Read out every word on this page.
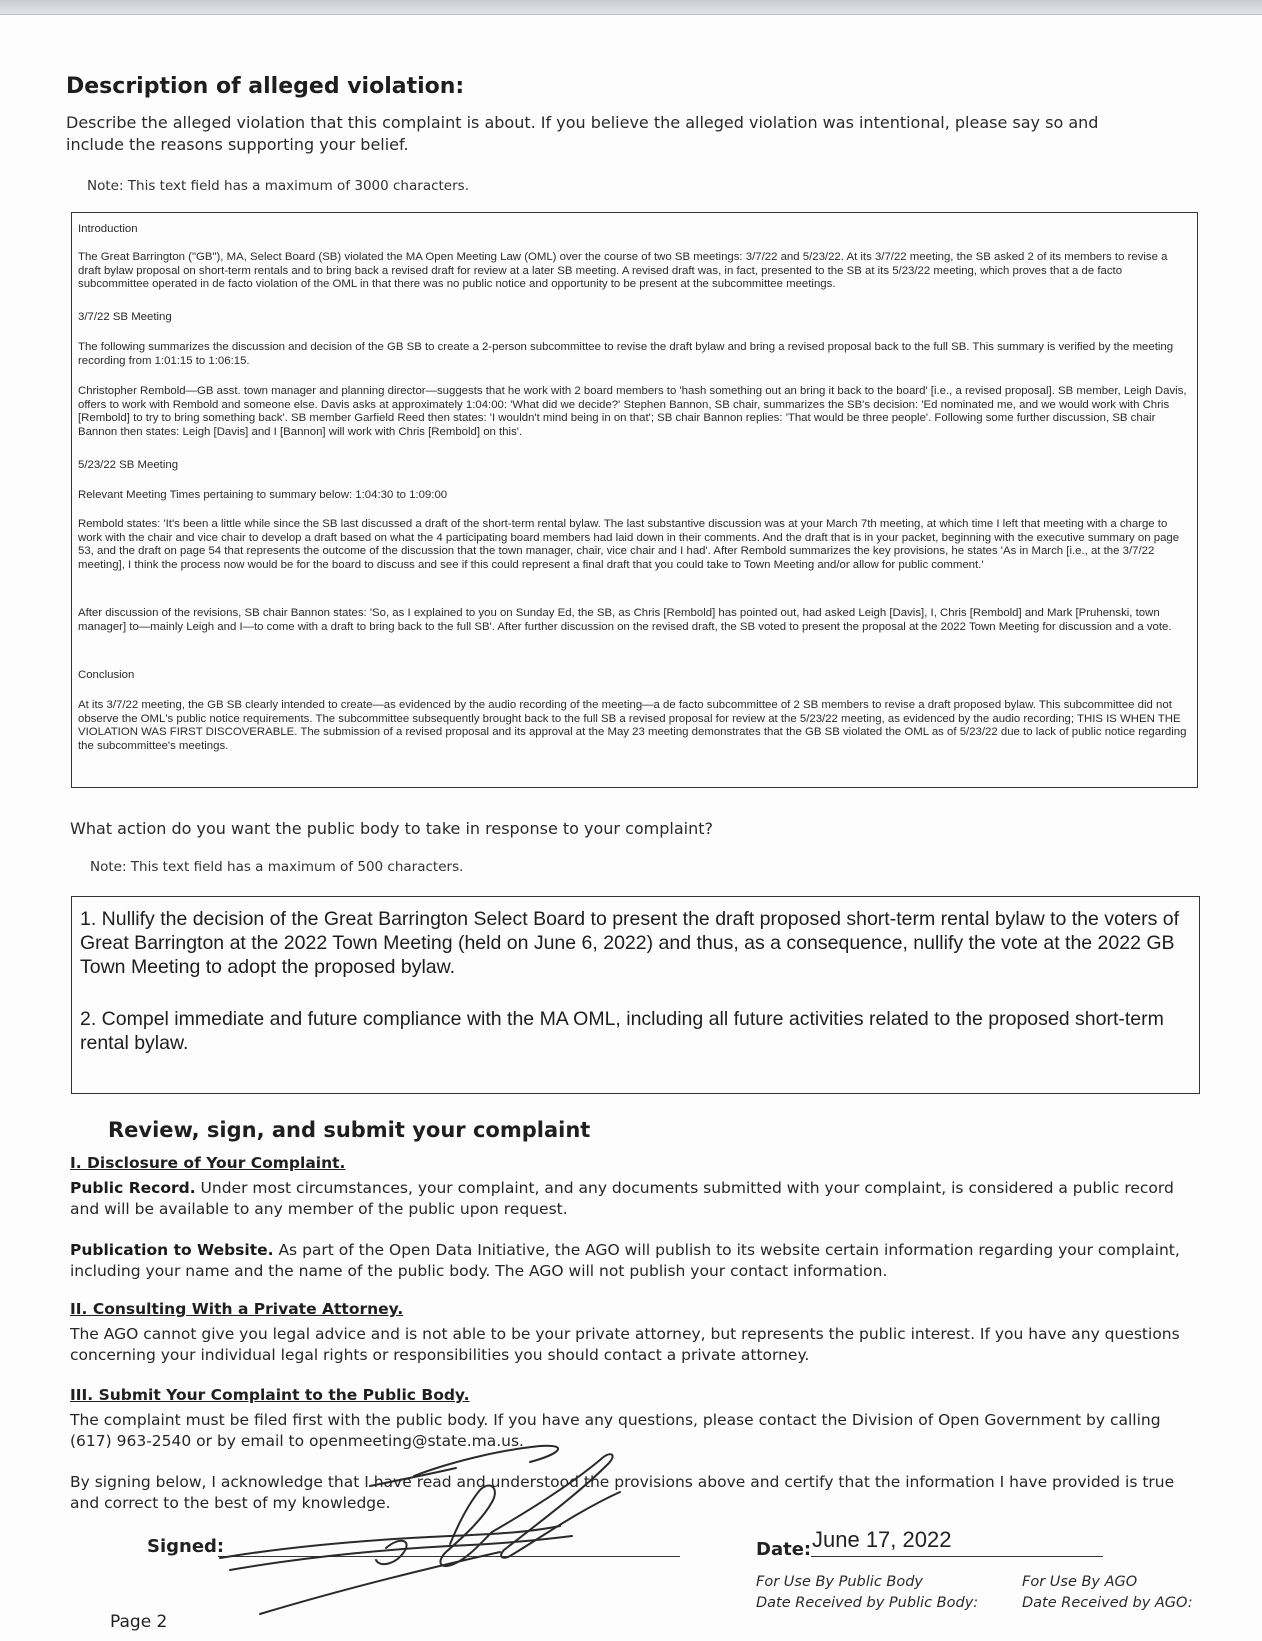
Description of alleged violation:
Describe the alleged violation that this complaint is about. If you believe the alleged violation was intentional, please say so and include the reasons supporting your belief.
Note: This text field has a maximum of 3000 characters.
Introduction
The Great Barrington ("GB"), MA, Select Board (SB) violated the MA Open Meeting Law (OML) over the course of two SB meetings: 3/7/22 and 5/23/22. At its 3/7/22 meeting, the SB asked 2 of its members to revise a draft bylaw proposal on short-term rentals and to bring back a revised draft for review at a later SB meeting. A revised draft was, in fact, presented to the SB at its 5/23/22 meeting, which proves that a de facto subcommittee operated in de facto violation of the OML in that there was no public notice and opportunity to be present at the subcommittee meetings.
3/7/22 SB Meeting
The following summarizes the discussion and decision of the GB SB to create a 2-person subcommittee to revise the draft bylaw and bring a revised proposal back to the full SB. This summary is verified by the meeting recording from 1:01:15 to 1:06:15.
Christopher Rembold—GB asst. town manager and planning director—suggests that he work with 2 board members to 'hash something out an bring it back to the board' [i.e., a revised proposal]. SB member, Leigh Davis, offers to work with Rembold and someone else. Davis asks at approximately 1:04:00: 'What did we decide?' Stephen Bannon, SB chair, summarizes the SB's decision: 'Ed nominated me, and we would work with Chris [Rembold] to try to bring something back'. SB member Garfield Reed then states: 'I wouldn't mind being in on that'; SB chair Bannon replies: 'That would be three people'. Following some further discussion, SB chair Bannon then states: Leigh [Davis] and I [Bannon] will work with Chris [Rembold] on this'.
5/23/22 SB Meeting
Relevant Meeting Times pertaining to summary below: 1:04:30 to 1:09:00
Rembold states: 'It's been a little while since the SB last discussed a draft of the short-term rental bylaw. The last substantive discussion was at your March 7th meeting, at which time I left that meeting with a charge to work with the chair and vice chair to develop a draft based on what the 4 participating board members had laid down in their comments. And the draft that is in your packet, beginning with the executive summary on page 53, and the draft on page 54 that represents the outcome of the discussion that the town manager, chair, vice chair and I had'. After Rembold summarizes the key provisions, he states 'As in March [i.e., at the 3/7/22 meeting], I think the process now would be for the board to discuss and see if this could represent a final draft that you could take to Town Meeting and/or allow for public comment.'
After discussion of the revisions, SB chair Bannon states: 'So, as I explained to you on Sunday Ed, the SB, as Chris [Rembold] has pointed out, had asked Leigh [Davis], I, Chris [Rembold] and Mark [Pruhenski, town manager] to—mainly Leigh and I—to come with a draft to bring back to the full SB'. After further discussion on the revised draft, the SB voted to present the proposal at the 2022 Town Meeting for discussion and a vote.
Conclusion
At its 3/7/22 meeting, the GB SB clearly intended to create—as evidenced by the audio recording of the meeting—a de facto subcommittee of 2 SB members to revise a draft proposed bylaw. This subcommittee did not observe the OML's public notice requirements. The subcommittee subsequently brought back to the full SB a revised proposal for review at the 5/23/22 meeting, as evidenced by the audio recording; THIS IS WHEN THE VIOLATION WAS FIRST DISCOVERABLE. The submission of a revised proposal and its approval at the May 23 meeting demonstrates that the GB SB violated the OML as of 5/23/22 due to lack of public notice regarding the subcommittee's meetings.
What action do you want the public body to take in response to your complaint?
Note: This text field has a maximum of 500 characters.
1. Nullify the decision of the Great Barrington Select Board to present the draft proposed short-term rental bylaw to the voters of Great Barrington at the 2022 Town Meeting (held on June 6, 2022) and thus, as a consequence, nullify the vote at the 2022 GB Town Meeting to adopt the proposed bylaw.
2. Compel immediate and future compliance with the MA OML, including all future activities related to the proposed short-term rental bylaw.
Review, sign, and submit your complaint
I. Disclosure of Your Complaint.
Public Record. Under most circumstances, your complaint, and any documents submitted with your complaint, is considered a public record and will be available to any member of the public upon request.
Publication to Website. As part of the Open Data Initiative, the AGO will publish to its website certain information regarding your complaint, including your name and the name of the public body. The AGO will not publish your contact information.
II. Consulting With a Private Attorney.
The AGO cannot give you legal advice and is not able to be your private attorney, but represents the public interest. If you have any questions concerning your individual legal rights or responsibilities you should contact a private attorney.
III. Submit Your Complaint to the Public Body.
The complaint must be filed first with the public body. If you have any questions, please contact the Division of Open Government by calling (617) 963-2540 or by email to openmeeting@state.ma.us.
By signing below, I acknowledge that I have read and understood the provisions above and certify that the information I have provided is true and correct to the best of my knowledge.
Signed:	Date: June 17, 2022
For Use By Public Body
Date Received by Public Body:
For Use By AGO
Date Received by AGO:
Page 2
